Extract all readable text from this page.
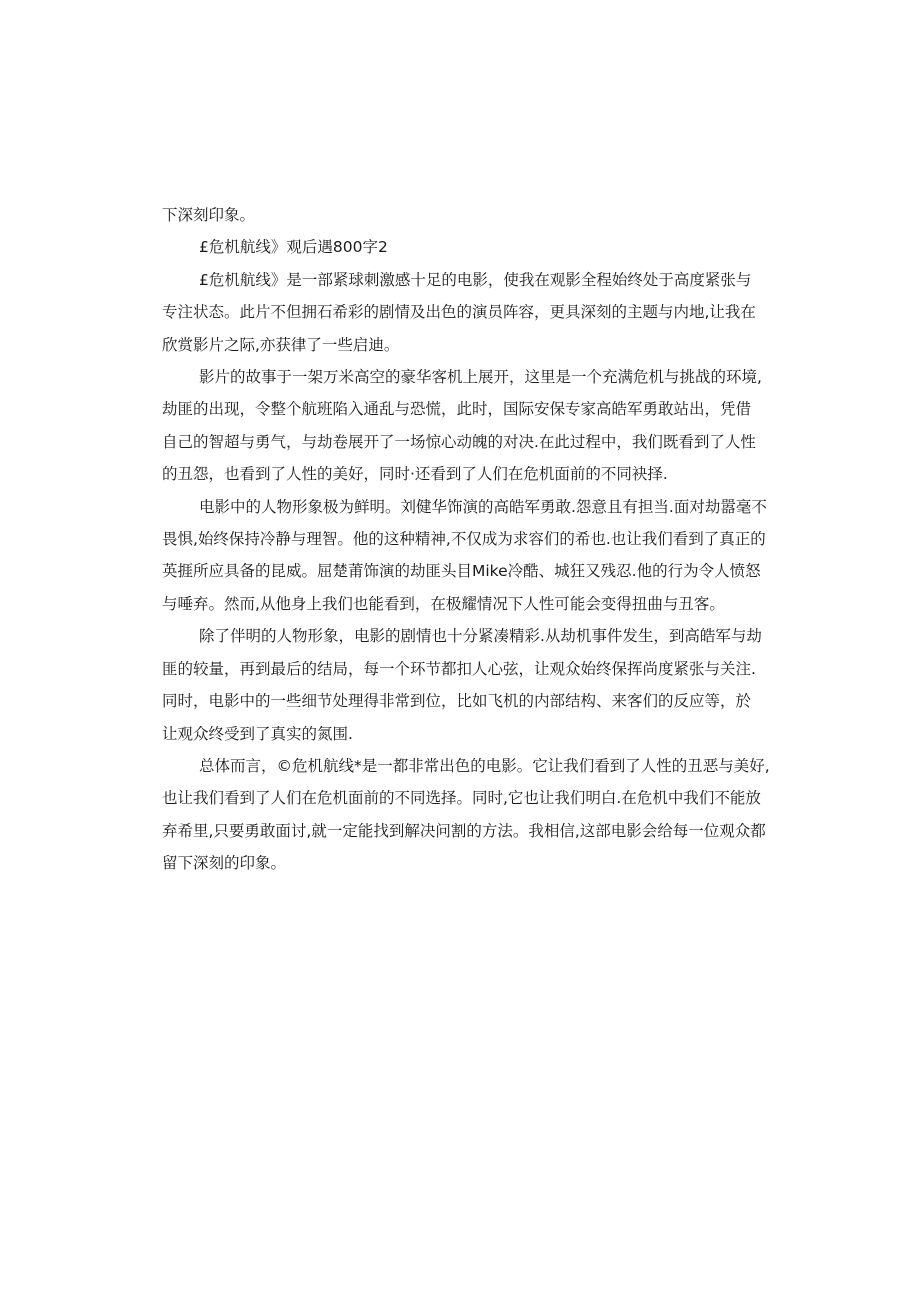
下深刻印象。

£危机航线》观后遇800字2

£危机航线》是一部紧球刺激感十足的电影，使我在观影全程始终处于高度紧张与

专注状态。此片不但拥石希彩的剧情及出色的演员阵容，更具深刻的主题与内地,让我在

欣赏影片之际,亦获律了一些启迪。

影片的故事于一架万米高空的豪华客机上展开，这里是一个充满危机与挑战的环境,

劫匪的出现，令整个航班陷入通乱与恐慌，此时，国际安保专家高皓军勇敢站出，凭借

自己的智超与勇气，与劫卷展开了一场惊心动魄的对决.在此过程中，我们既看到了人性

的丑怨，也看到了人性的美好，同时·还看到了人们在危机面前的不同袂择.

电影中的人物形象极为鲜明。刘健华饰演的高皓军勇敢.怨意且有担当.面对劫嚣毫不

畏惧,始终保持冷静与理智。他的这种精神,不仅成为求容们的希也.也让我们看到了真正的

英捱所应具备的昆威。屈楚莆饰演的劫匪头目Mike冷酷、城狂又残忍.他的行为令人愤怒

与唾弃。然而,从他身上我们也能看到，在极耀情况下人性可能会变得扭曲与丑客。

除了伴明的人物形象，电影的剧情也十分紧凑精彩.从劫机事件发生，到高皓军与劫

匪的较量，再到最后的结局，每一个环节都扣人心弦，让观众始终保挥尚度紧张与关注.

同时，电影中的一些细节处理得非常到位，比如飞机的内部结构、来客们的反应等，於

让观众终受到了真实的氮围.

总体而言，©危机航线*是一都非常出色的电影。它让我们看到了人性的丑恶与美好,

也让我们看到了人们在危机面前的不同选择。同时,它也让我们明白.在危机中我们不能放

弃希里,只要勇敢面讨,就一定能找到解决问割的方法。我相信,这部电影会给每一位观众都

留下深刻的印象。
